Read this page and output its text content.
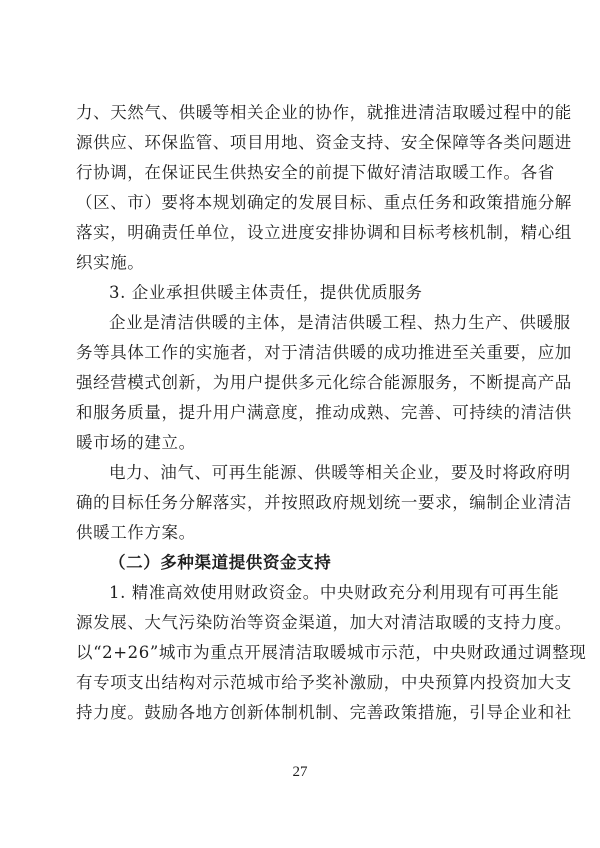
力、天然气、供暖等相关企业的协作，就推进清洁取暖过程中的能
源供应、环保监管、项目用地、资金支持、安全保障等各类问题进
行协调，在保证民生供热安全的前提下做好清洁取暖工作。各省
（区、市）要将本规划确定的发展目标、重点任务和政策措施分解
落实，明确责任单位，设立进度安排协调和目标考核机制，精心组
织实施。
3. 企业承担供暖主体责任，提供优质服务
企业是清洁供暖的主体，是清洁供暖工程、热力生产、供暖服
务等具体工作的实施者，对于清洁供暖的成功推进至关重要，应加
强经营模式创新，为用户提供多元化综合能源服务，不断提高产品
和服务质量，提升用户满意度，推动成熟、完善、可持续的清洁供
暖市场的建立。
电力、油气、可再生能源、供暖等相关企业，要及时将政府明
确的目标任务分解落实，并按照政府规划统一要求，编制企业清洁
供暖工作方案。
（二）多种渠道提供资金支持
1. 精准高效使用财政资金。中央财政充分利用现有可再生能
源发展、大气污染防治等资金渠道，加大对清洁取暖的支持力度。
以“2+26”城市为重点开展清洁取暖城市示范，中央财政通过调整现
有专项支出结构对示范城市给予奖补激励，中央预算内投资加大支
持力度。鼓励各地方创新体制机制、完善政策措施，引导企业和社
27
